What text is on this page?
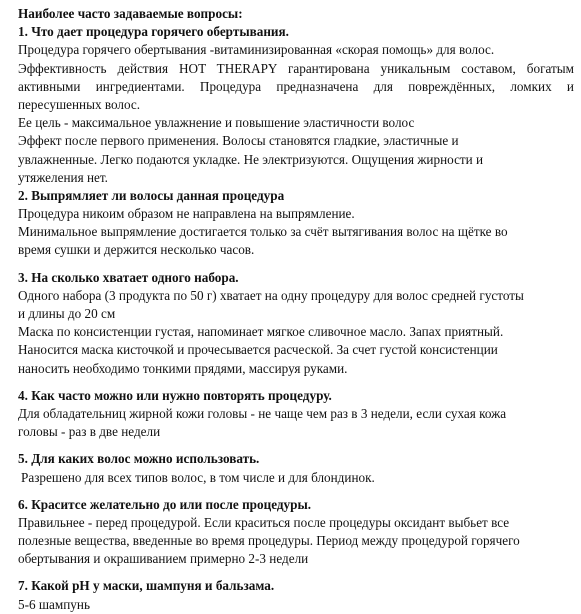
Наиболее часто задаваемые вопросы:
1. Что дает процедура горячего обертывания.
Процедура горячего обертывания -витаминизированная «скорая помощь» для волос.
Эффективность действия HOT THERAPY гарантирована уникальным составом, богатым
активными ингредиентами. Процедура предназначена для повреждённых, ломких и
пересушенных волос.
Ее цель - максимальное увлажнение и повышение эластичности волос
Эффект после первого применения. Волосы становятся гладкие, эластичные и
увлажненные. Легко подаются укладке. Не электризуются. Ощущения жирности и
утяжеления нет.
2. Выпрямляет ли волосы данная процедура
Процедура никоим образом не направлена на выпрямление.
Минимальное выпрямление достигается только за счёт вытягивания волос на щётке во
время сушки и держится несколько часов.
3. На сколько хватает одного набора.
Одного набора (3 продукта по 50 г) хватает на одну процедуру для волос средней густоты
и длины до 20 см
Маска по консистенции густая, напоминает мягкое сливочное масло. Запах приятный.
Наносится маска кисточкой и прочесывается расческой. За счет густой консистенции
наносить необходимо тонкими прядями, массируя руками.
4. Как часто можно или нужно повторять процедуру.
Для обладательниц жирной кожи головы - не чаще чем раз в 3 недели, если сухая кожа
головы - раз в две недели
5. Для каких волос можно использовать.
Разрешено для всех типов волос, в том числе и для блондинок.
6. Краситсе желательно до или после процедуры.
Правильнее - перед процедурой. Если краситься после процедуры оксидант выбьет все
полезные вещества, введенные во время процедуры. Период между процедурой горячего
обертывания и окрашиванием примерно 2-3 недели
7. Какой pH у маски, шампуня и бальзама.
5-6 шампунь
